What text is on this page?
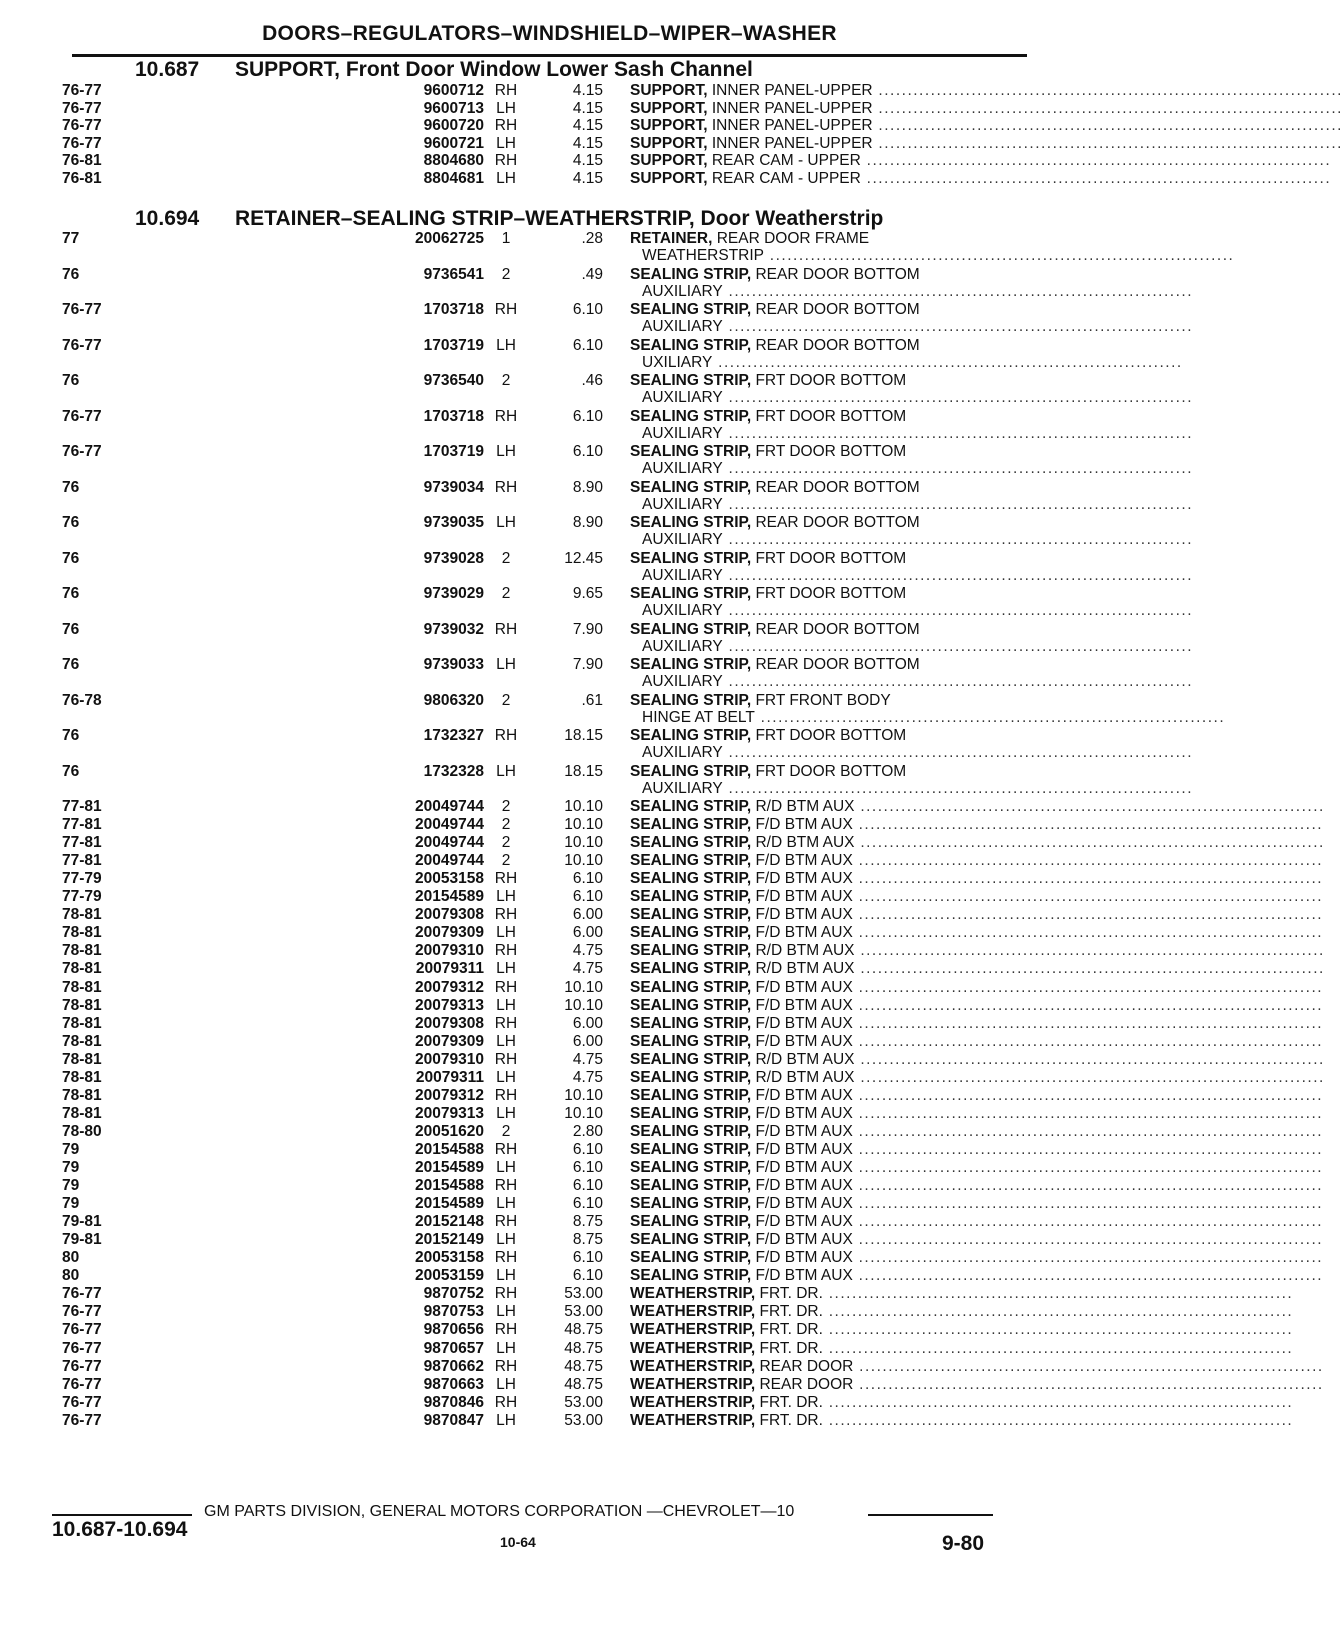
DOORS–REGULATORS–WINDSHIELD–WIPER–WASHER
10.687 SUPPORT, Front Door Window Lower Sash Channel
76-77	9600712 RH	4.15 SUPPORT, INNER PANEL-UPPER ................................................................................
76-77	9600713 LH	4.15 SUPPORT, INNER PANEL-UPPER ................................................................................
76-77	9600720 RH	4.15 SUPPORT, INNER PANEL-UPPER ................................................................................
76-77	9600721 LH	4.15 SUPPORT, INNER PANEL-UPPER ................................................................................
76-81	8804680 RH	4.15 SUPPORT, REAR CAM - UPPER ................................................................................
76-81	8804681 LH	4.15 SUPPORT, REAR CAM - UPPER ................................................................................
10.694 RETAINER–SEALING STRIP–WEATHERSTRIP, Door Weatherstrip
77	20062725	1	.28 RETAINER, REAR DOOR FRAME
WEATHERSTRIP ................................................................................
76	9736541	2	.49 SEALING STRIP, REAR DOOR BOTTOM
AUXILIARY ................................................................................
76-77	1703718 RH	6.10 SEALING STRIP, REAR DOOR BOTTOM
AUXILIARY ................................................................................
76-77	1703719 LH	6.10 SEALING STRIP, REAR DOOR BOTTOM
UXILIARY ................................................................................
76	9736540	2	.46 SEALING STRIP, FRT DOOR BOTTOM
AUXILIARY ................................................................................
76-77	1703718 RH	6.10 SEALING STRIP, FRT DOOR BOTTOM
AUXILIARY ................................................................................
76-77	1703719 LH	6.10 SEALING STRIP, FRT DOOR BOTTOM
AUXILIARY ................................................................................
76	9739034 RH	8.90 SEALING STRIP, REAR DOOR BOTTOM
AUXILIARY ................................................................................
76	9739035 LH	8.90 SEALING STRIP, REAR DOOR BOTTOM
AUXILIARY ................................................................................
76	9739028	2	12.45 SEALING STRIP, FRT DOOR BOTTOM
AUXILIARY ................................................................................
76	9739029	2	9.65 SEALING STRIP, FRT DOOR BOTTOM
AUXILIARY ................................................................................
76	9739032 RH	7.90 SEALING STRIP, REAR DOOR BOTTOM
AUXILIARY ................................................................................
76	9739033 LH	7.90 SEALING STRIP, REAR DOOR BOTTOM
AUXILIARY ................................................................................
76-78	9806320	2	.61 SEALING STRIP, FRT FRONT BODY
HINGE AT BELT ................................................................................
76	1732327 RH	18.15 SEALING STRIP, FRT DOOR BOTTOM
AUXILIARY ................................................................................
76	1732328 LH	18.15 SEALING STRIP, FRT DOOR BOTTOM
AUXILIARY ................................................................................
77-81	20049744	2	10.10 SEALING STRIP, R/D BTM AUX ................................................................................
77-81	20049744	2	10.10 SEALING STRIP, F/D BTM AUX ................................................................................
77-81	20049744	2	10.10 SEALING STRIP, R/D BTM AUX ................................................................................
77-81	20049744	2	10.10 SEALING STRIP, F/D BTM AUX ................................................................................
77-79	20053158 RH	6.10 SEALING STRIP, F/D BTM AUX ................................................................................
77-79	20154589 LH	6.10 SEALING STRIP, F/D BTM AUX ................................................................................
78-81	20079308 RH	6.00 SEALING STRIP, F/D BTM AUX ................................................................................
78-81	20079309 LH	6.00 SEALING STRIP, F/D BTM AUX ................................................................................
78-81	20079310 RH	4.75 SEALING STRIP, R/D BTM AUX ................................................................................
78-81	20079311 LH	4.75 SEALING STRIP, R/D BTM AUX ................................................................................
78-81	20079312 RH	10.10 SEALING STRIP, F/D BTM AUX ................................................................................
78-81	20079313 LH	10.10 SEALING STRIP, F/D BTM AUX ................................................................................
78-81	20079308 RH	6.00 SEALING STRIP, F/D BTM AUX ................................................................................
78-81	20079309 LH	6.00 SEALING STRIP, F/D BTM AUX ................................................................................
78-81	20079310 RH	4.75 SEALING STRIP, R/D BTM AUX ................................................................................
78-81	20079311 LH	4.75 SEALING STRIP, R/D BTM AUX ................................................................................
78-81	20079312 RH	10.10 SEALING STRIP, F/D BTM AUX ................................................................................
78-81	20079313 LH	10.10 SEALING STRIP, F/D BTM AUX ................................................................................
78-80	20051620	2	2.80 SEALING STRIP, F/D BTM AUX ................................................................................
79	20154588 RH	6.10 SEALING STRIP, F/D BTM AUX ................................................................................
79	20154589 LH	6.10 SEALING STRIP, F/D BTM AUX ................................................................................
79	20154588 RH	6.10 SEALING STRIP, F/D BTM AUX ................................................................................
79	20154589 LH	6.10 SEALING STRIP, F/D BTM AUX ................................................................................
79-81	20152148 RH	8.75 SEALING STRIP, F/D BTM AUX ................................................................................
79-81	20152149 LH	8.75 SEALING STRIP, F/D BTM AUX ................................................................................
80	20053158 RH	6.10 SEALING STRIP, F/D BTM AUX ................................................................................
80	20053159 LH	6.10 SEALING STRIP, F/D BTM AUX ................................................................................
76-77	9870752 RH	53.00 WEATHERSTRIP, FRT. DR. ................................................................................
76-77	9870753 LH	53.00 WEATHERSTRIP, FRT. DR. ................................................................................
76-77	9870656 RH	48.75 WEATHERSTRIP, FRT. DR. ................................................................................
76-77	9870657 LH	48.75 WEATHERSTRIP, FRT. DR. ................................................................................
76-77	9870662 RH	48.75 WEATHERSTRIP, REAR DOOR ................................................................................
76-77	9870663 LH	48.75 WEATHERSTRIP, REAR DOOR ................................................................................
76-77	9870846 RH	53.00 WEATHERSTRIP, FRT. DR. ................................................................................
76-77	9870847 LH	53.00 WEATHERSTRIP, FRT. DR. ................................................................................
GM PARTS DIVISION, GENERAL MOTORS CORPORATION —CHEVROLET—10
10.687-10.694
10-64	9-80
